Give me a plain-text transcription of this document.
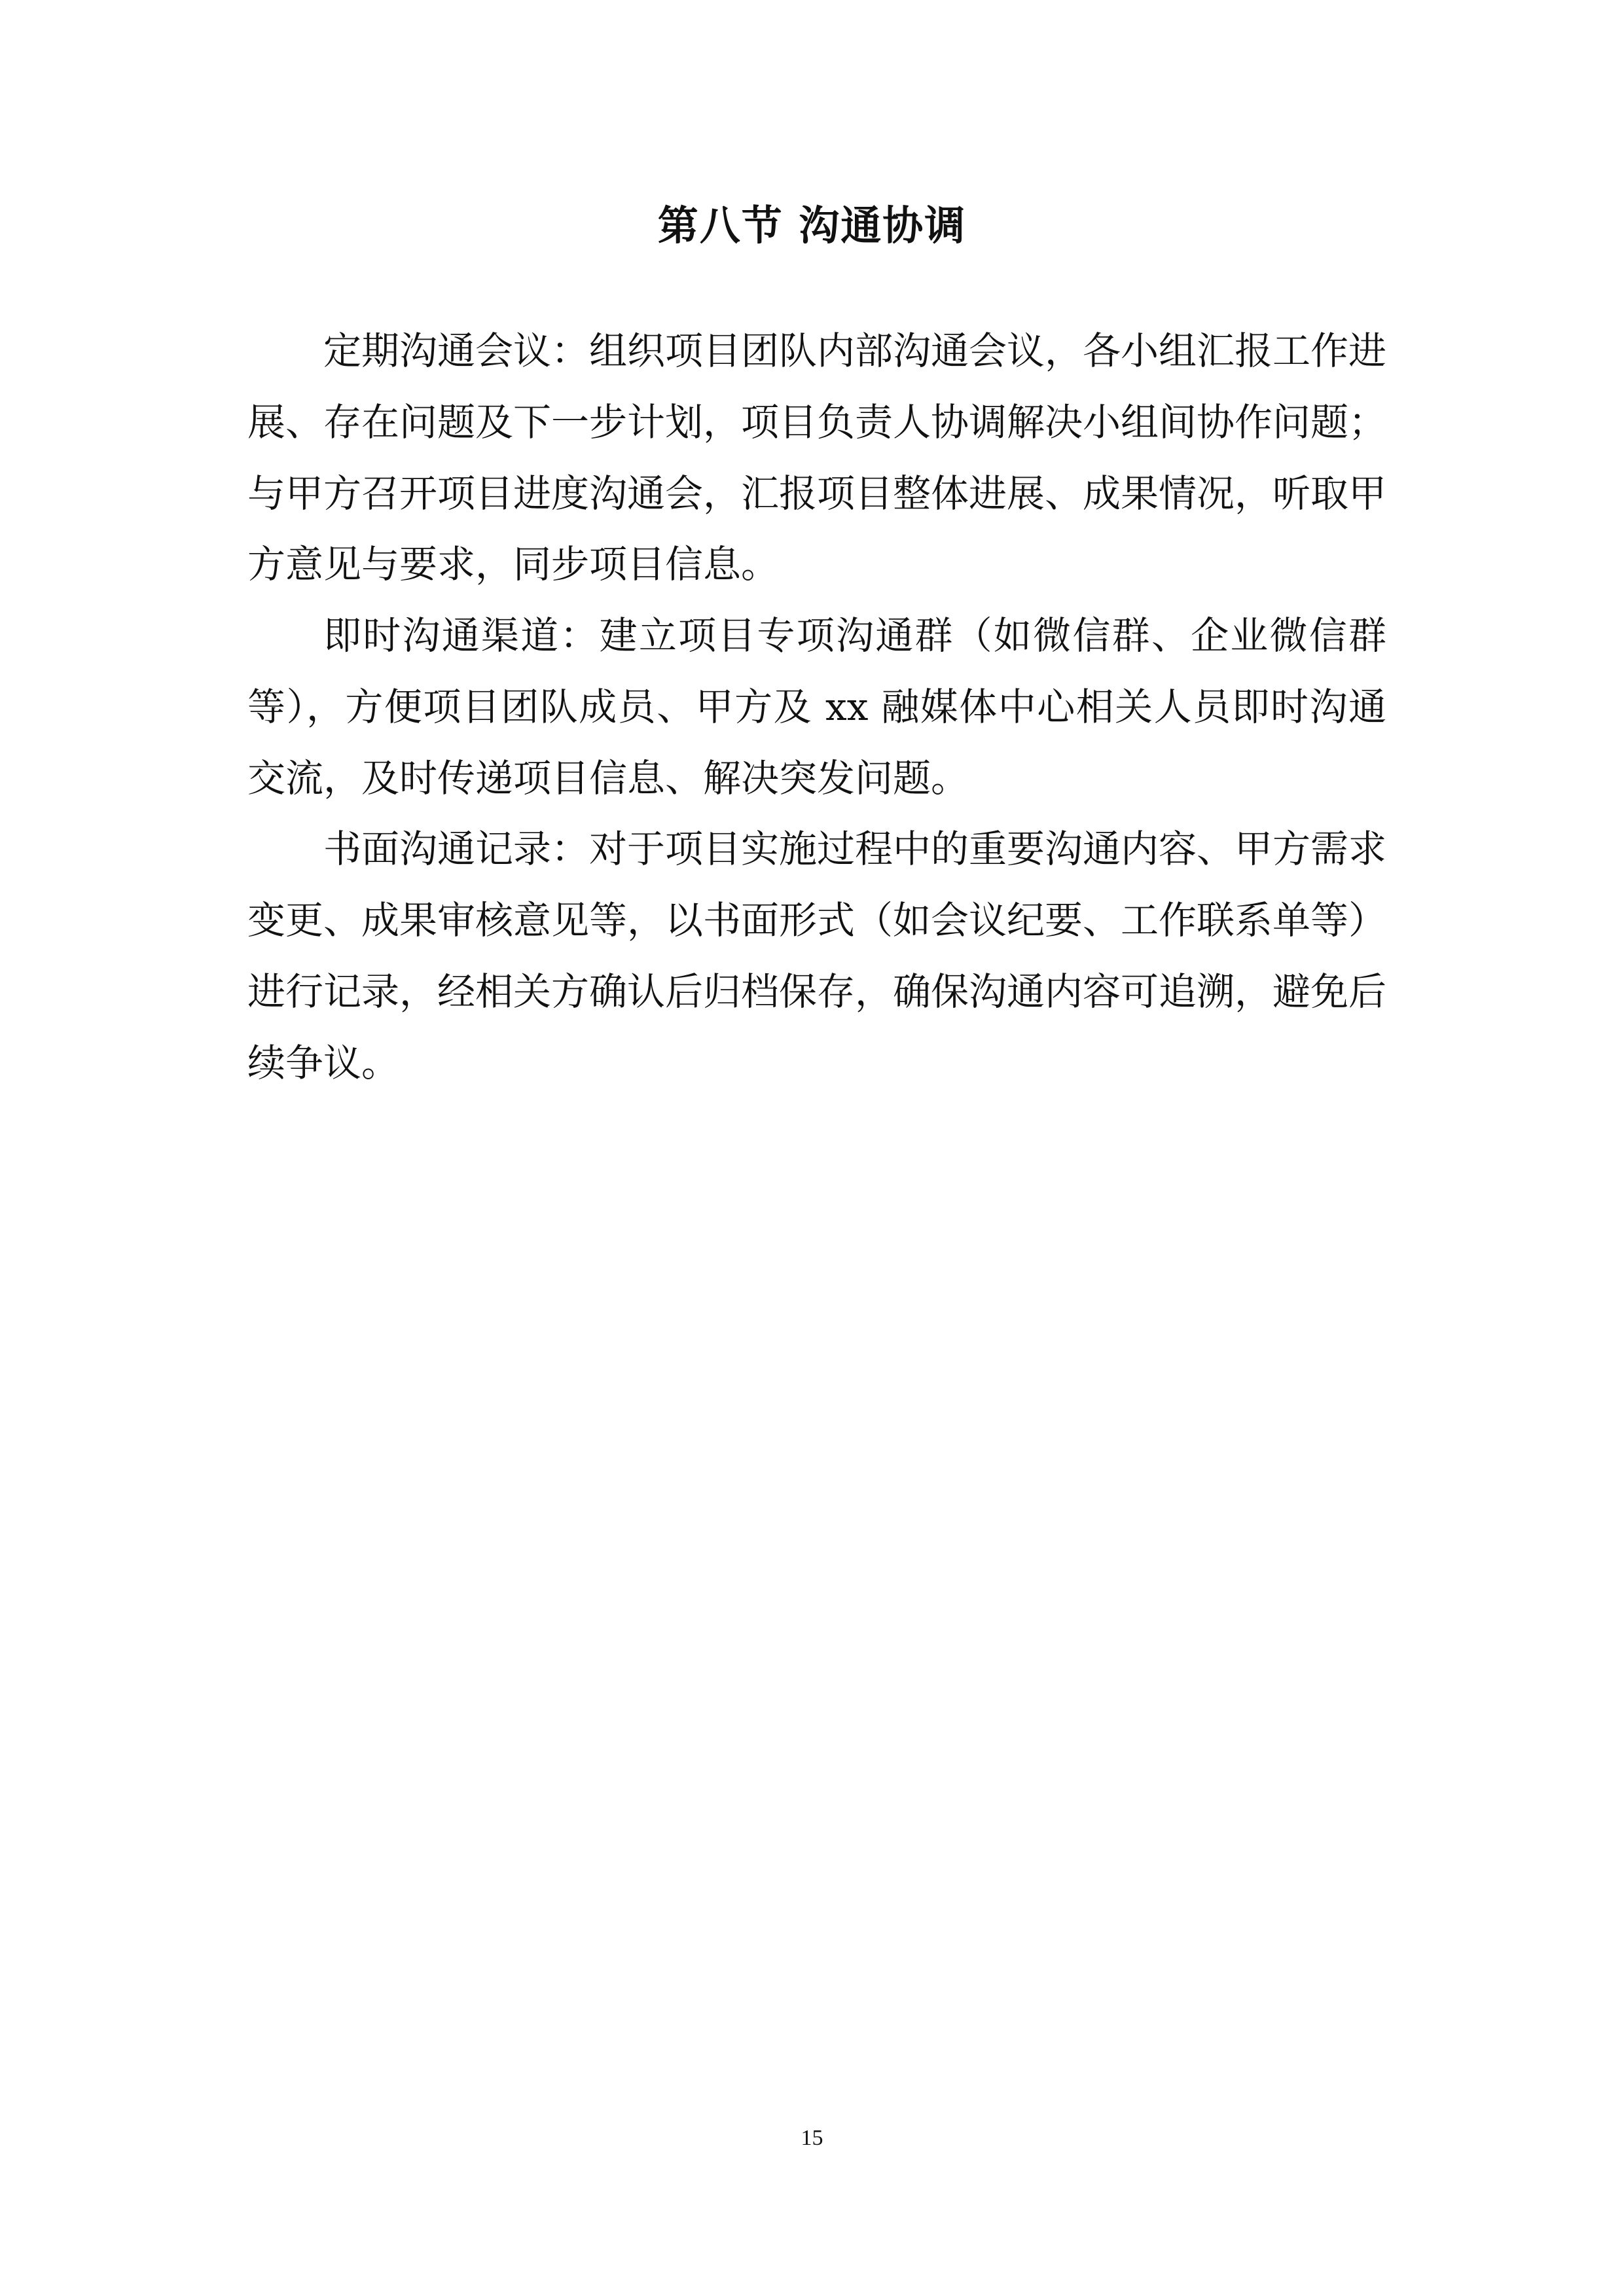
第八节 沟通协调

定期沟通会议：组织项目团队内部沟通会议，各小组汇报工作进展、存在问题及下一步计划，项目负责人协调解决小组间协作问题；与甲方召开项目进度沟通会，汇报项目整体进展、成果情况，听取甲方意见与要求，同步项目信息。

即时沟通渠道：建立项目专项沟通群（如微信群、企业微信群等），方便项目团队成员、甲方及 xx 融媒体中心相关人员即时沟通交流，及时传递项目信息、解决突发问题。

书面沟通记录：对于项目实施过程中的重要沟通内容、甲方需求变更、成果审核意见等，以书面形式（如会议纪要、工作联系单等）进行记录，经相关方确认后归档保存，确保沟通内容可追溯，避免后续争议。

15
